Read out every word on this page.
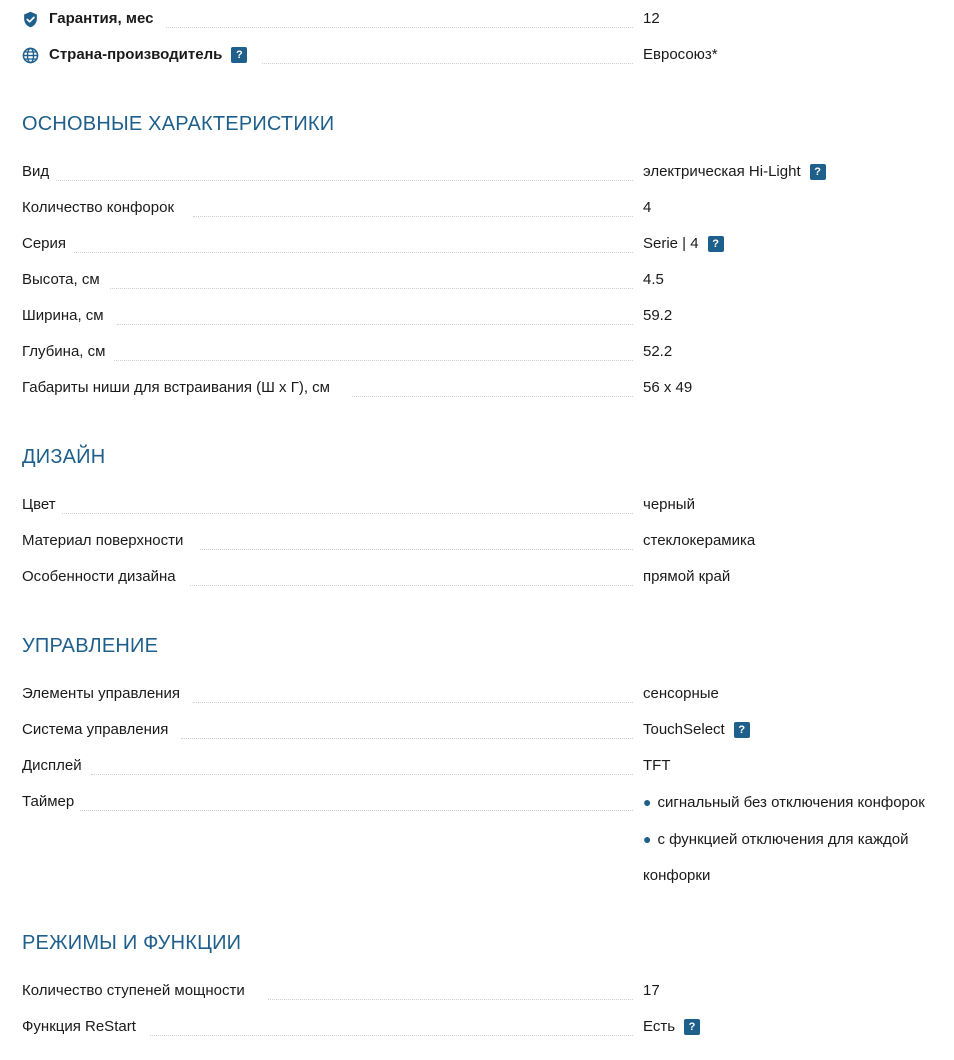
Гарантия, мес	12
Страна-производитель	?	Евросоюз*
ОСНОВНЫЕ ХАРАКТЕРИСТИКИ
Вид	электрическая Hi-Light	?
Количество конфорок	4
Серия	Serie | 4	?
Высота, см	4.5
Ширина, см	59.2
Глубина, см	52.2
Габариты ниши для встраивания (Ш х Г), см	56 x 49
ДИЗАЙН
Цвет	черный
Материал поверхности	стеклокерамика
Особенности дизайна	прямой край
УПРАВЛЕНИЕ
Элементы управления	сенсорные
Система управления	TouchSelect	?
Дисплей	TFT
Таймер	● сигнальный без отключения конфорок
● с функцией отключения для каждой
конфорки
РЕЖИМЫ И ФУНКЦИИ
Количество ступеней мощности	17
Функция ReStart	Есть	?
